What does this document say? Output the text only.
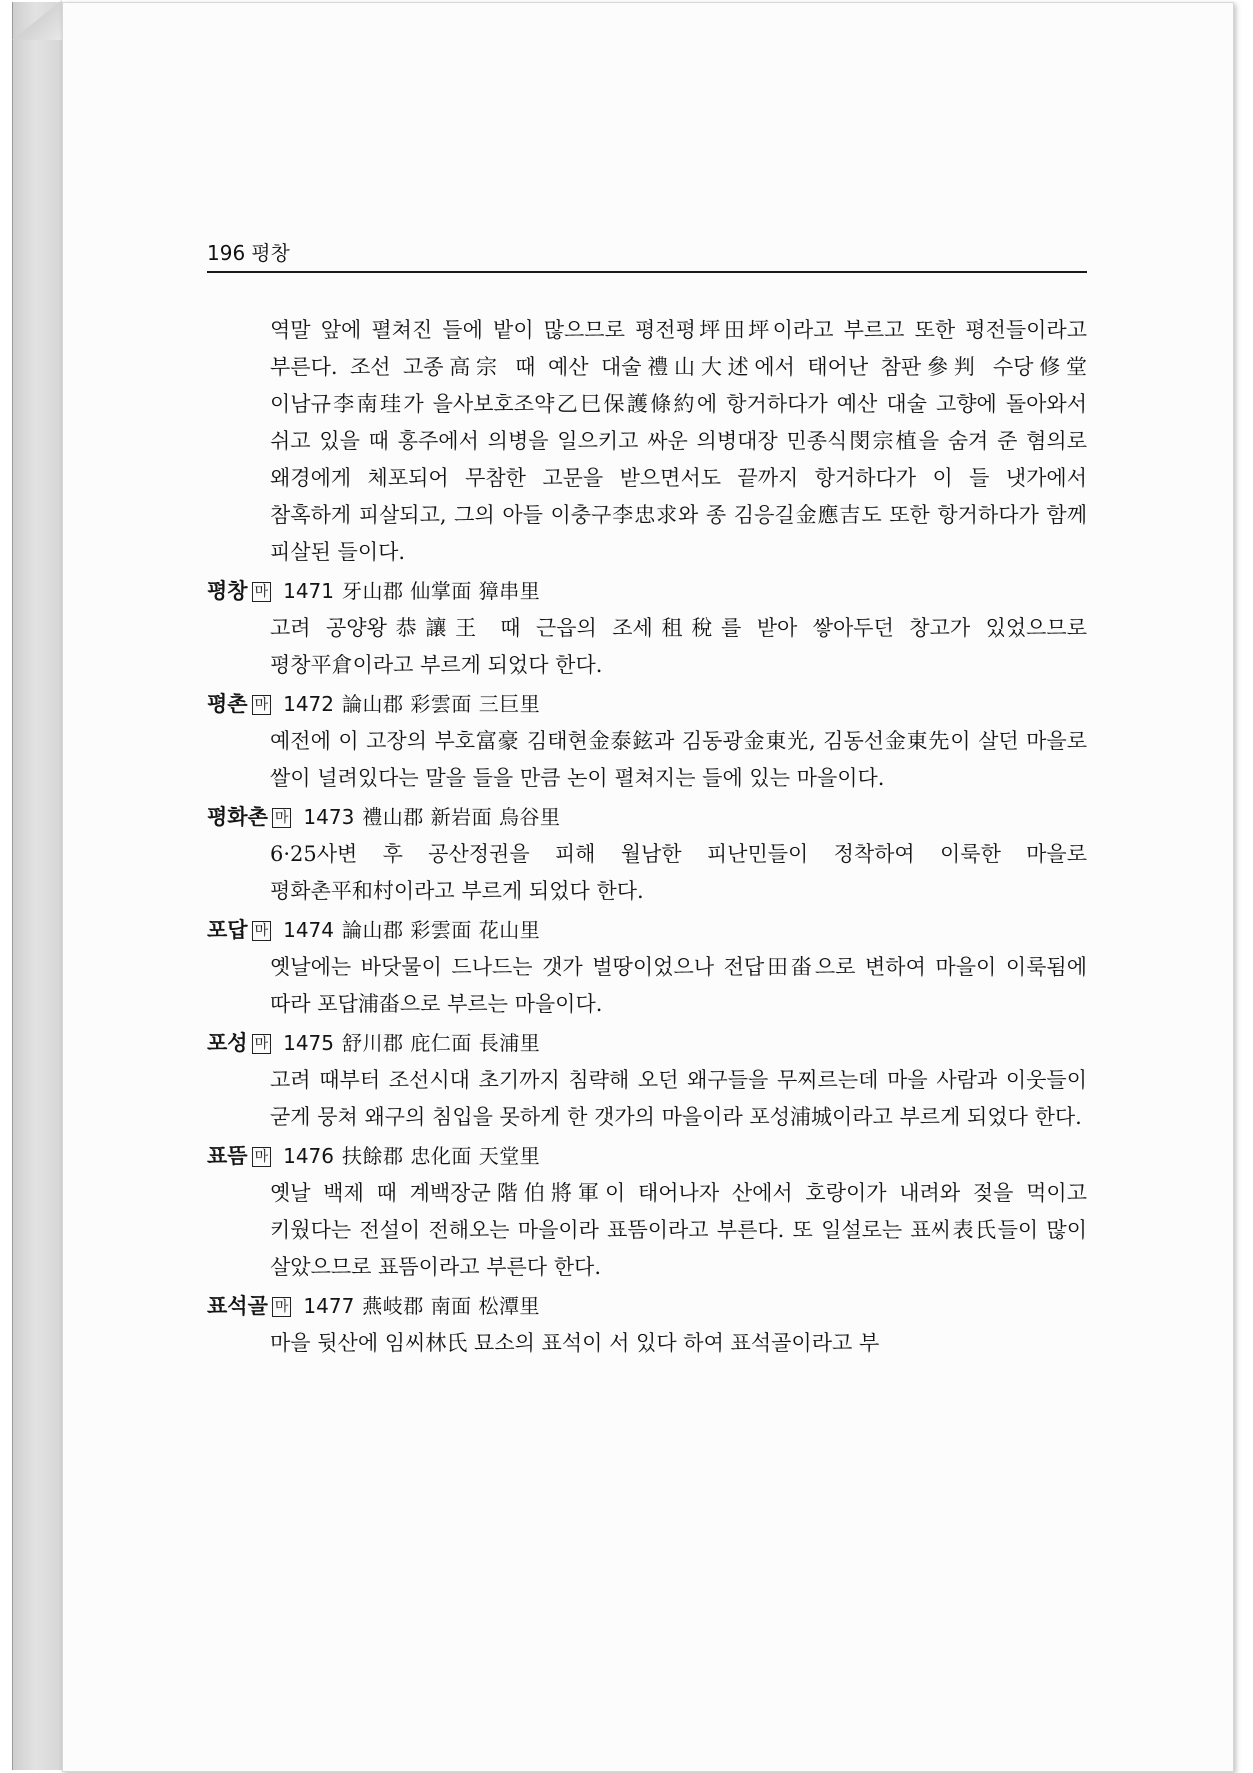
196 평창

역말 앞에 펼쳐진 들에 밭이 많으므로 평전평坪田坪이라고 부르고 또한 평전들이라고 부른다. 조선 고종高宗 때 예산 대술禮山大述에서 태어난 참판參判 수당修堂 이남규李南珪가 을사보호조약乙巳保護條約에 항거하다가 예산 대술 고향에 돌아와서 쉬고 있을 때 홍주에서 의병을 일으키고 싸운 의병대장 민종식閔宗植을 숨겨 준 혐의로 왜경에게 체포되어 무참한 고문을 받으면서도 끝까지 항거하다가 이 들 냇가에서 참혹하게 피살되고, 그의 아들 이충구李忠求와 종 김응길金應吉도 또한 항거하다가 함께 피살된 들이다.

평창 마 1471 牙山郡 仙掌面 獐串里

고려 공양왕恭讓王 때 근읍의 조세租稅를 받아 쌓아두던 창고가 있었으므로 평창平倉이라고 부르게 되었다 한다.

평촌 마 1472 論山郡 彩雲面 三巨里

예전에 이 고장의 부호富豪 김태현金泰鉉과 김동광金東光, 김동선金東先이 살던 마을로 쌀이 널려있다는 말을 들을 만큼 논이 펼쳐지는 들에 있는 마을이다.

평화촌 마 1473 禮山郡 新岩面 烏谷里

6·25사변 후 공산정권을 피해 월남한 피난민들이 정착하여 이룩한 마을로 평화촌平和村이라고 부르게 되었다 한다.

포답 마 1474 論山郡 彩雲面 花山里

옛날에는 바닷물이 드나드는 갯가 벌땅이었으나 전답田畓으로 변하여 마을이 이룩됨에 따라 포답浦畓으로 부르는 마을이다.

포성 마 1475 舒川郡 庇仁面 長浦里

고려 때부터 조선시대 초기까지 침략해 오던 왜구들을 무찌르는데 마을 사람과 이웃들이 굳게 뭉쳐 왜구의 침입을 못하게 한 갯가의 마을이라 포성浦城이라고 부르게 되었다 한다.

표뜸 마 1476 扶餘郡 忠化面 天堂里

옛날 백제 때 계백장군階伯將軍이 태어나자 산에서 호랑이가 내려와 젖을 먹이고 키웠다는 전설이 전해오는 마을이라 표뜸이라고 부른다. 또 일설로는 표씨表氏들이 많이 살았으므로 표뜸이라고 부른다 한다.

표석골 마 1477 燕岐郡 南面 松潭里

마을 뒷산에 임씨林氏 묘소의 표석이 서 있다 하여 표석골이라고 부
